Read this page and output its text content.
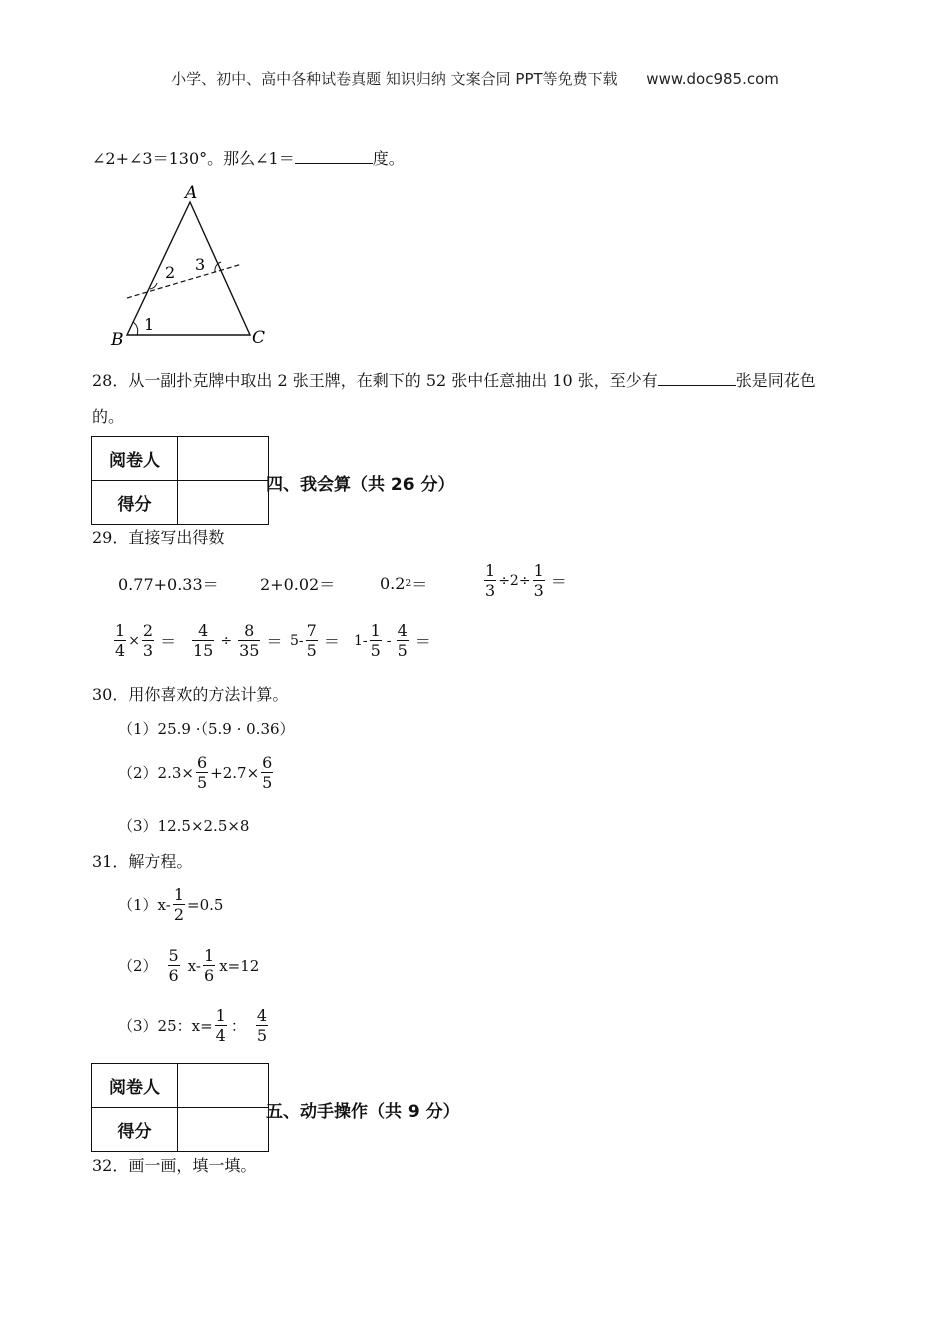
小学、初中、高中各种试卷真题 知识归纳 文案合同 PPT等免费下载 www.doc985.com
∠2+∠3＝130°。那么∠1＝	度。
A
B	C
1
2 3
28．从一副扑克牌中取出 2 张王牌，在剩下的 52 张中任意抽出 10 张，至少有	张是同花色
的。
阅卷人	
得分	
四、我会算（共 26 分）
29．直接写出得数
0.77+0.33＝	2+0.02＝	0.2 2 ＝	$\frac{1}{3} \div 2\div \frac{1}{3}$ ＝
$\frac{1}{4} \times \frac{2}{3} = \frac{4}{15} \div \frac{8}{35} = 5- \frac{7}{5} = 1- \frac{1}{5} - \frac{4}{5}$ ＝
30．用你喜欢的方法计算。
（1）25.9 ·（5.9 · 0.36）
$(2)2.3\times \frac{6}{5} +2.7\times \frac{6}{5}$
（3）12.5×2.5×8
31．解方程。
$(1)x- \frac{1}{2} =0.5$
$(2) \frac{5}{6} x- \frac{1}{6} x=12$
（3）25：$x= \frac{1}{4}$ ： $\frac{4}{5}$
阅卷人	
得分	
五、动手操作（共 9 分）
32．画一画，填一填。
